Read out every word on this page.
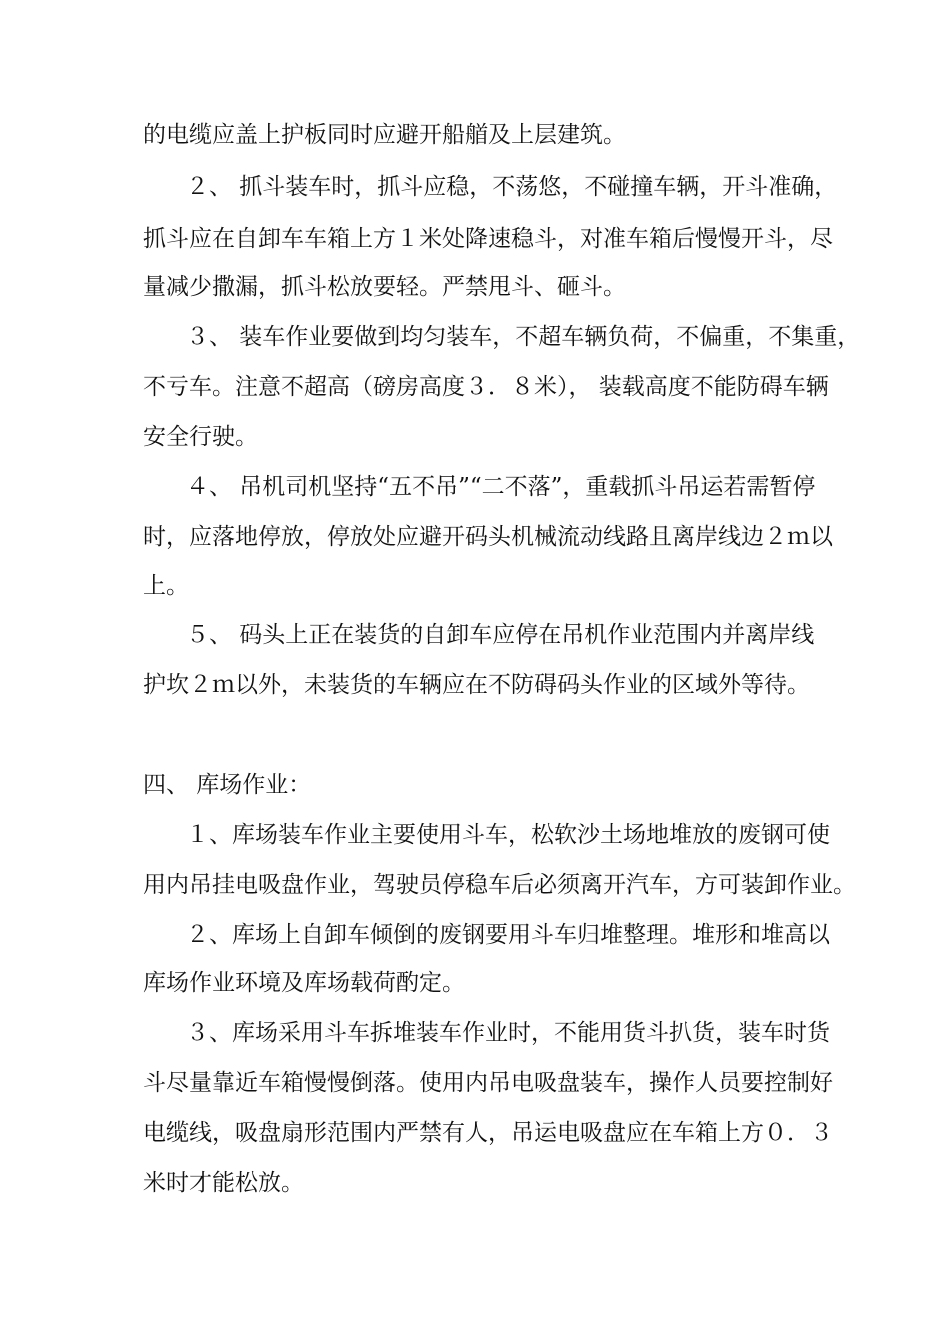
的电缆应盖上护板同时应避开船艏及上层建筑。
２、 抓斗装车时，抓斗应稳，不荡悠，不碰撞车辆，开斗准确，
抓斗应在自卸车车箱上方１米处降速稳斗，对准车箱后慢慢开斗，尽
量减少撒漏，抓斗松放要轻。严禁甩斗、砸斗。
３、 装车作业要做到均匀装车，不超车辆负荷，不偏重，不集重，
不亏车。注意不超高（磅房高度３．８米）， 装载高度不能防碍车辆
安全行驶。
４、 吊机司机坚持“五不吊”“二不落”，重载抓斗吊运若需暂停
时，应落地停放，停放处应避开码头机械流动线路且离岸线边２ｍ以
上。
５、 码头上正在装货的自卸车应停在吊机作业范围内并离岸线
护坎２ｍ以外，未装货的车辆应在不防碍码头作业的区域外等待。
四、 库场作业：
１、库场装车作业主要使用斗车，松软沙土场地堆放的废钢可使
用内吊挂电吸盘作业，驾驶员停稳车后必须离开汽车，方可装卸作业。
２、库场上自卸车倾倒的废钢要用斗车归堆整理。堆形和堆高以
库场作业环境及库场载荷酌定。
３、库场采用斗车拆堆装车作业时，不能用货斗扒货，装车时货
斗尽量靠近车箱慢慢倒落。使用内吊电吸盘装车，操作人员要控制好
电缆线，吸盘扇形范围内严禁有人，吊运电吸盘应在车箱上方０．３
米时才能松放。
